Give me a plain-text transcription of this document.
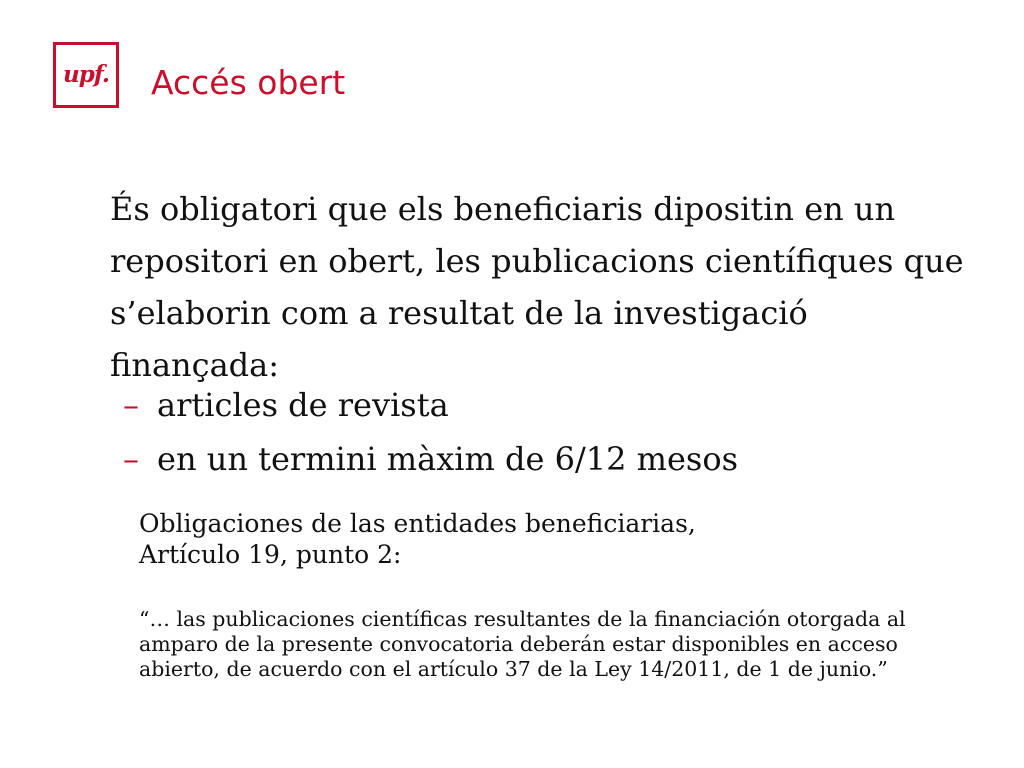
upf. Accés obert

És obligatori que els beneficiaris dipositin en un repositori en obert, les publicacions científiques que s’elaborin com a resultat de la investigació finançada:

– articles de revista
– en un termini màxim de 6/12 mesos
Obligaciones de las entidades beneficiarias,
Artículo 19, punto 2:
“… las publicaciones científicas resultantes de la financiación otorgada al
amparo de la presente convocatoria deberán estar disponibles en acceso
abierto, de acuerdo con el artículo 37 de la Ley 14/2011, de 1 de junio.”
